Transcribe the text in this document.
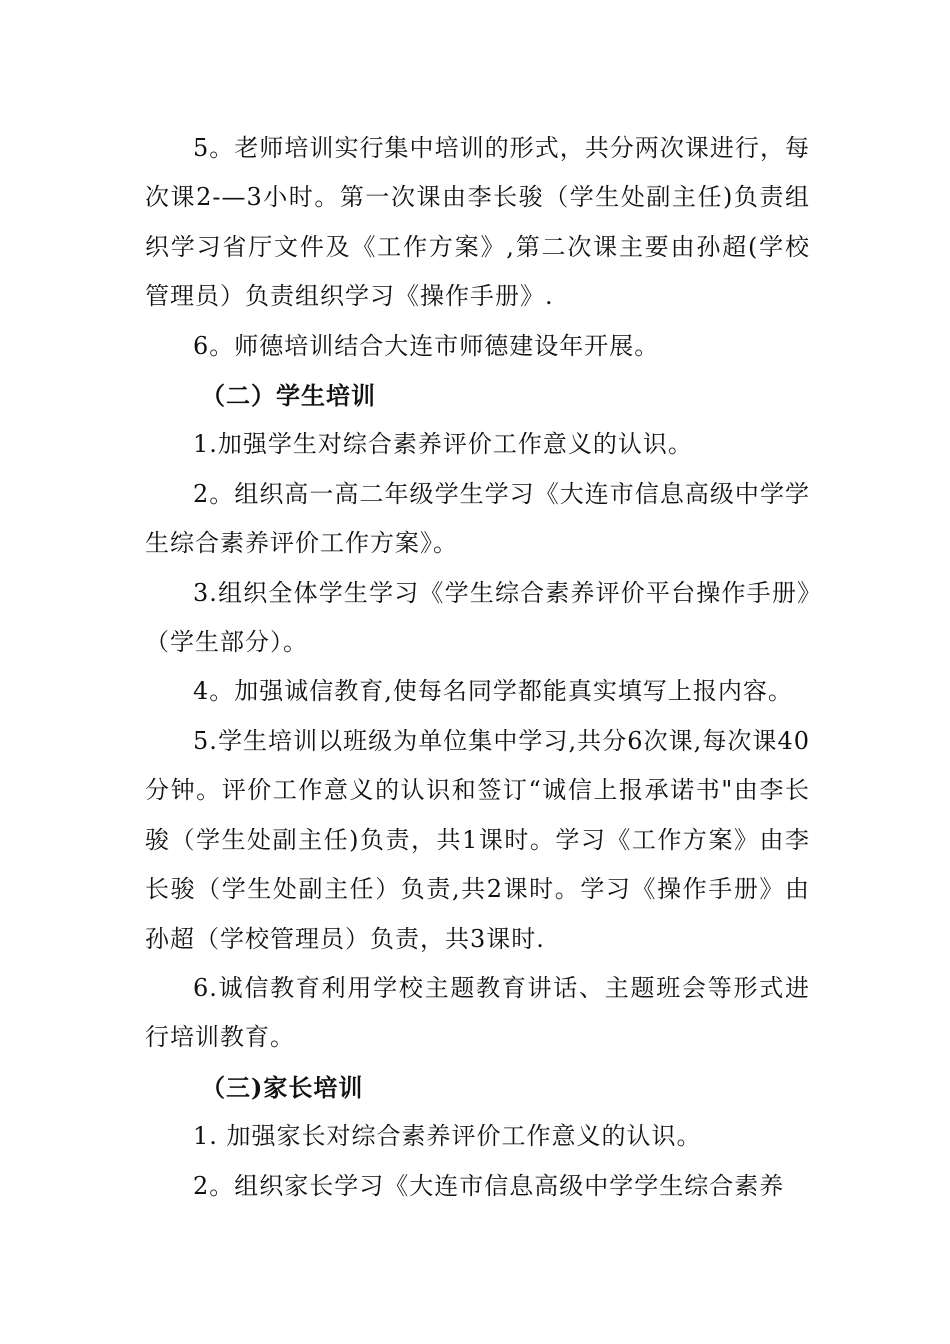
5。老师培训实行集中培训的形式，共分两次课进行，每次课2-—3小时。第一次课由李长骏（学生处副主任)负责组织学习省厅文件及《工作方案》,第二次课主要由孙超(学校管理员）负责组织学习《操作手册》.

6。师德培训结合大连市师德建设年开展。

（二）学生培训

1.加强学生对综合素养评价工作意义的认识。

2。组织高一高二年级学生学习《大连市信息高级中学学生综合素养评价工作方案》。

3.组织全体学生学习《学生综合素养评价平台操作手册》（学生部分）。

4。加强诚信教育,使每名同学都能真实填写上报内容。

5.学生培训以班级为单位集中学习,共分6次课,每次课40分钟。评价工作意义的认识和签订“诚信上报承诺书"由李长骏（学生处副主任)负责，共1课时。学习《工作方案》由李长骏（学生处副主任）负责,共2课时。学习《操作手册》由孙超（学校管理员）负责，共3课时.

6.诚信教育利用学校主题教育讲话、主题班会等形式进行培训教育。

（三)家长培训

1. 加强家长对综合素养评价工作意义的认识。

2。组织家长学习《大连市信息高级中学学生综合素养
